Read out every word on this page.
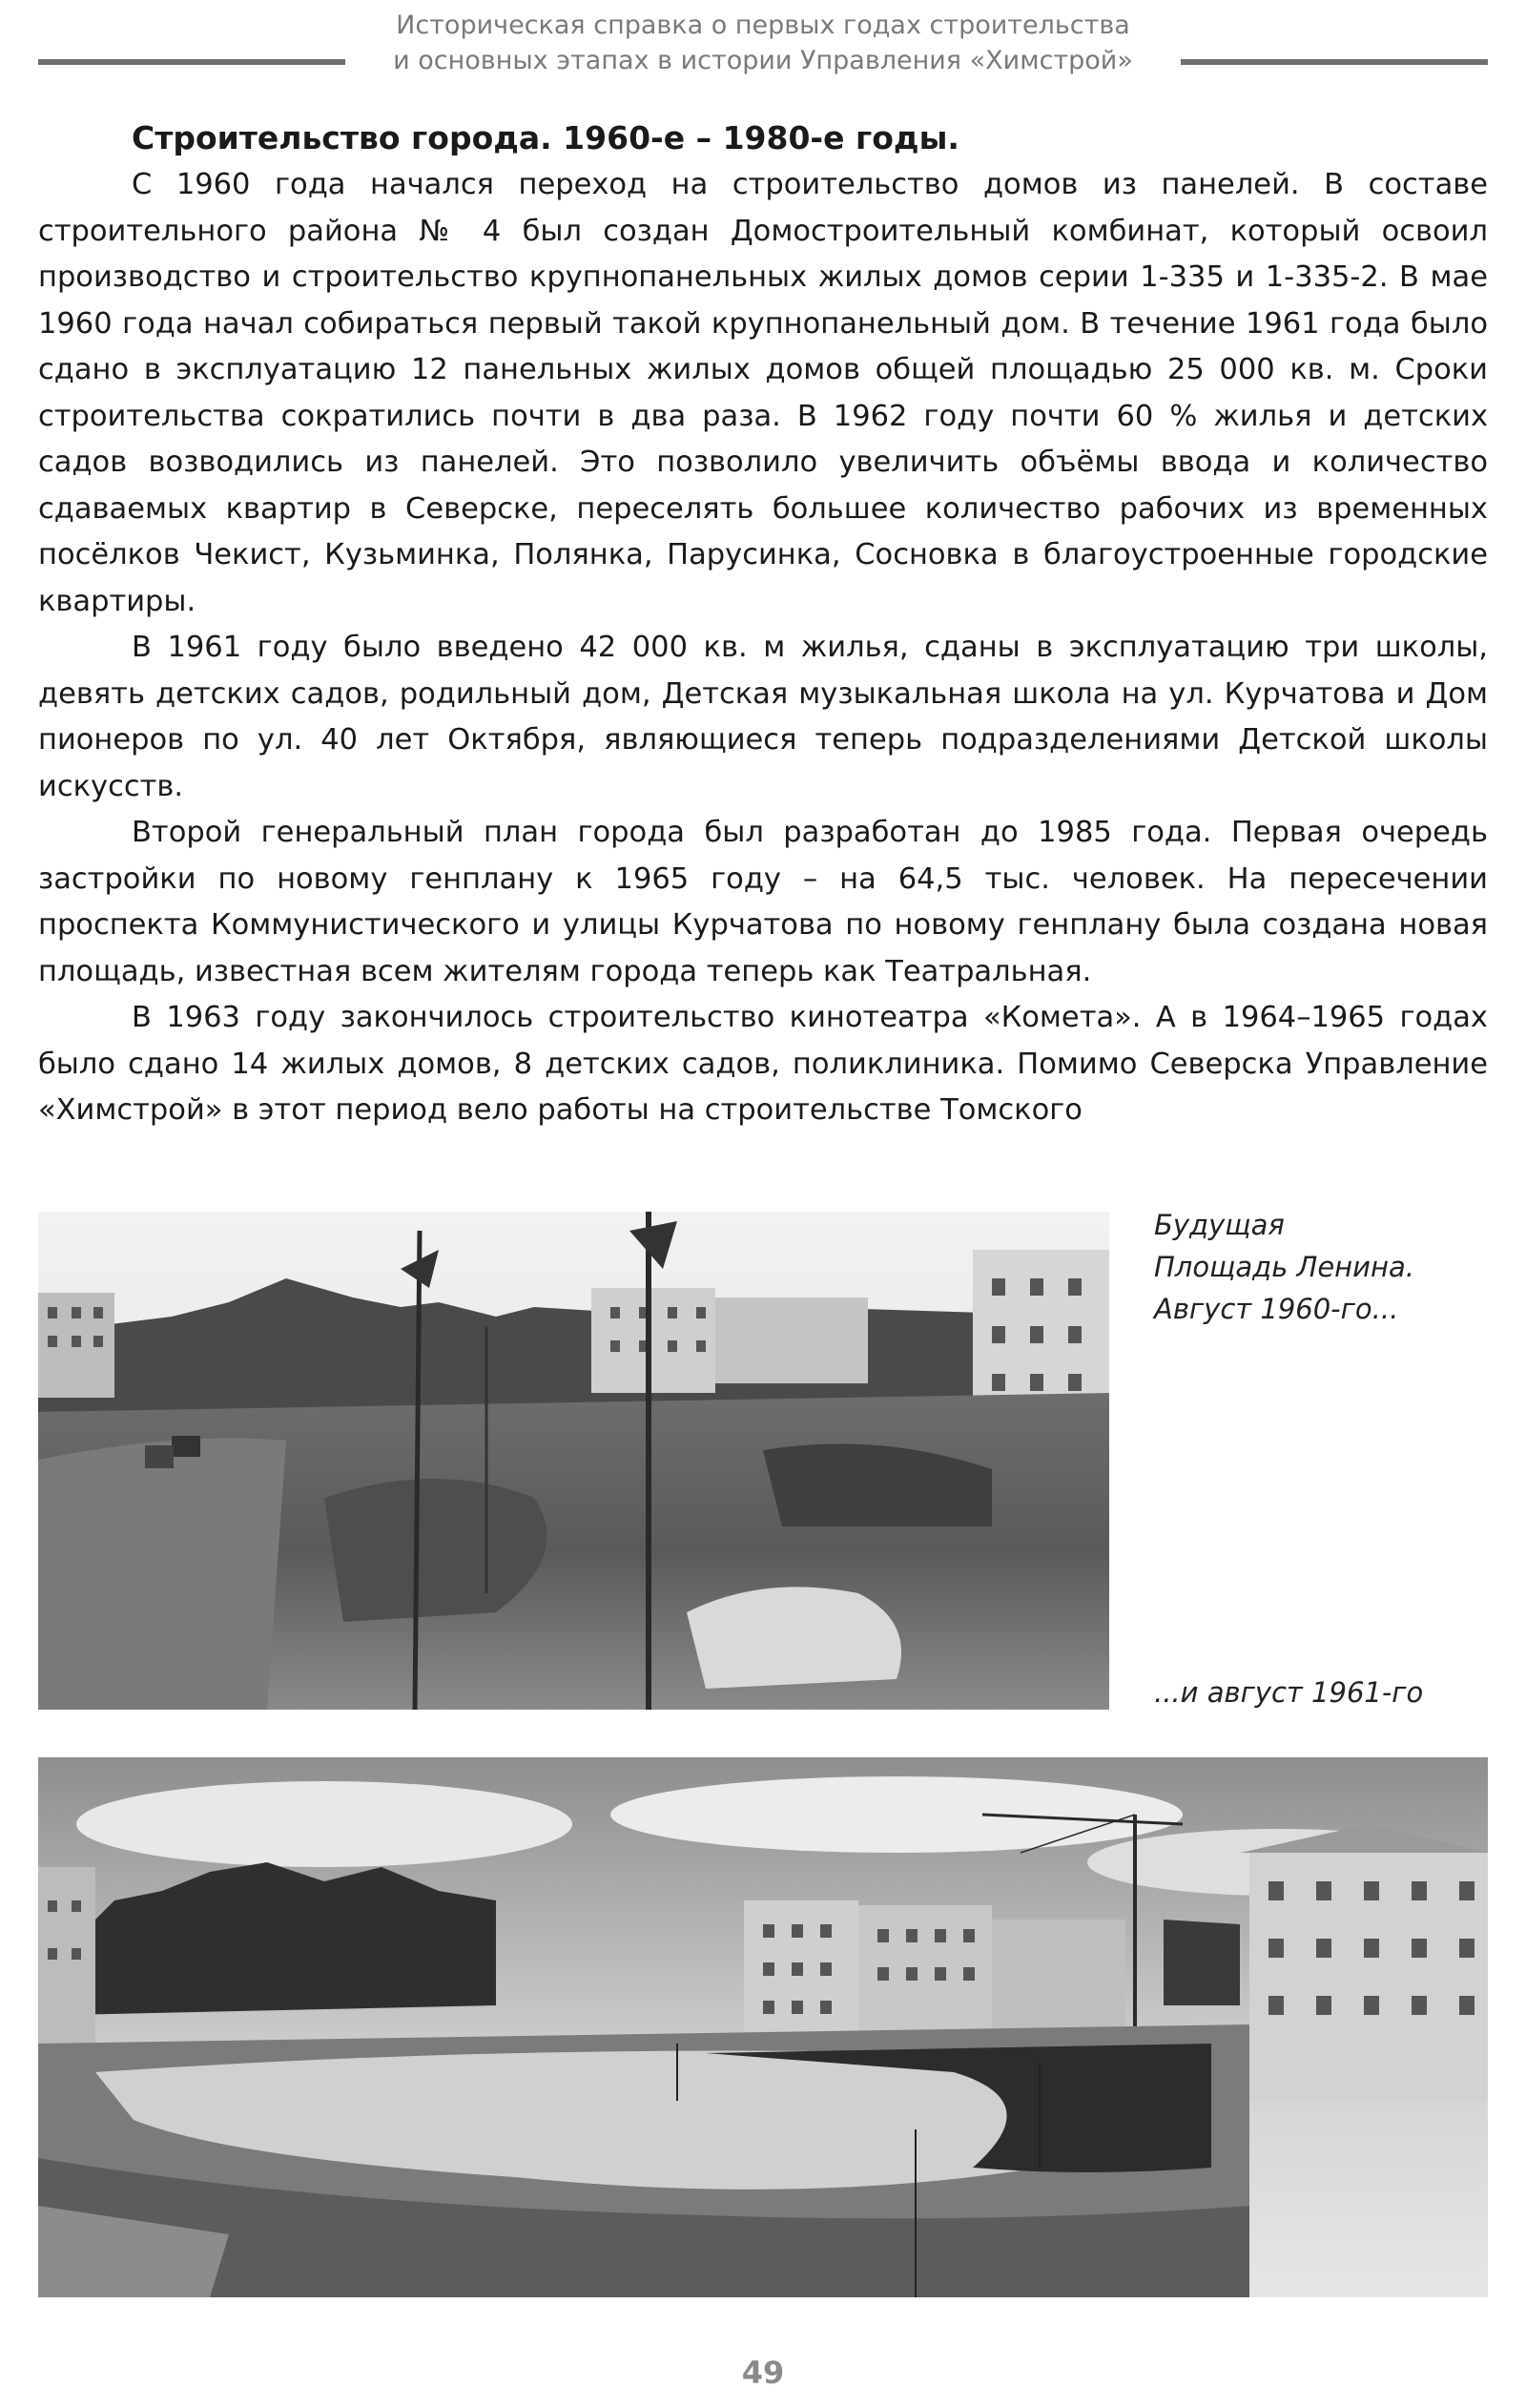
Историческая справка о первых годах строительства
и основных этапах в истории Управления «Химстрой»
Строительство города. 1960-е – 1980-е годы.

С 1960 года начался переход на строительство домов из панелей. В составе строительного района № 4 был создан Домостроительный комбинат, который освоил производство и строительство крупнопанельных жилых домов серии 1-335 и 1-335-2. В мае 1960 года начал собираться первый такой крупнопанельный дом. В течение 1961 года было сдано в эксплуатацию 12 панельных жилых домов общей площадью 25 000 кв. м. Сроки строительства сократились почти в два раза. В 1962 году почти 60 % жилья и детских садов возводились из панелей. Это позволило увеличить объёмы ввода и количество сдаваемых квартир в Северске, переселять большее количество рабочих из временных посёлков Чекист, Кузьминка, Полянка, Парусинка, Сосновка в благоустроенные городские квартиры.

В 1961 году было введено 42 000 кв. м жилья, сданы в эксплуатацию три школы, девять детских садов, родильный дом, Детская музыкальная школа на ул. Курчатова и Дом пионеров по ул. 40 лет Октября, являющиеся теперь подразделениями Детской школы искусств.

Второй генеральный план города был разработан до 1985 года. Первая очередь застройки по новому генплану к 1965 году – на 64,5 тыс. человек. На пересечении проспекта Коммунистического и улицы Курчатова по новому генплану была создана новая площадь, известная всем жителям города теперь как Театральная.

В 1963 году закончилось строительство кинотеатра «Комета». А в 1964–1965 годах было сдано 14 жилых домов, 8 детских садов, поликлиника. Помимо Северска Управление «Химстрой» в этот период вело работы на строительстве Томского

Будущая
Площадь Ленина.
Август 1960-го...
...и август 1961-го
49
